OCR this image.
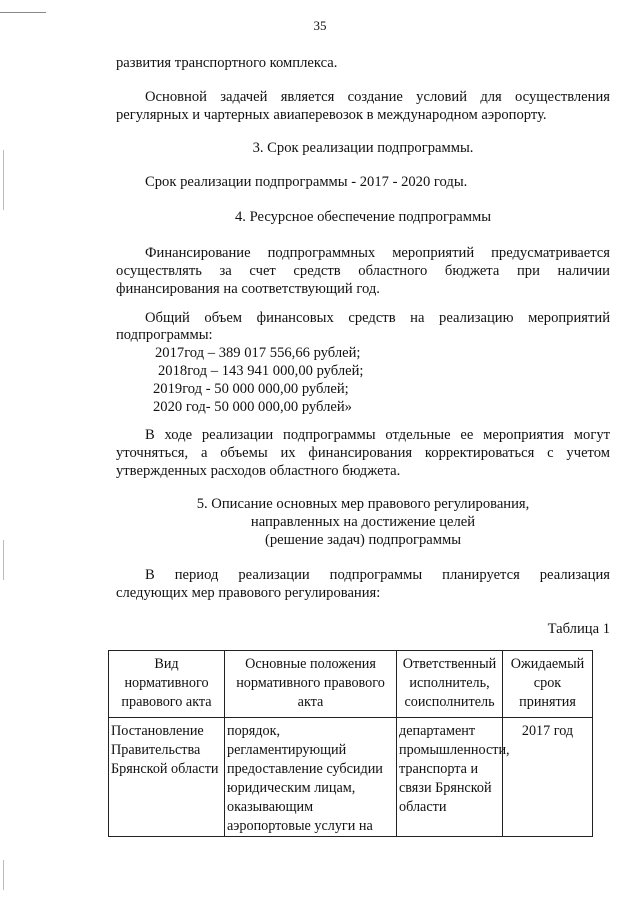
35
развития транспортного комплекса.
Основной задачей является создание условий для осуществления
регулярных и чартерных авиаперевозок в международном аэропорту.
3. Срок реализации подпрограммы.
Срок реализации подпрограммы - 2017 - 2020 годы.
4. Ресурсное обеспечение подпрограммы
Финансирование подпрограммных мероприятий предусматривается
осуществлять за счет средств областного бюджета при наличии
финансирования на соответствующий год.
Общий объем финансовых средств на реализацию мероприятий
подпрограммы:
2017год – 389 017 556,66 рублей;
2018год – 143 941 000,00 рублей;
2019год - 50 000 000,00 рублей;
2020 год- 50 000 000,00 рублей»
В ходе реализации подпрограммы отдельные ее мероприятия могут
уточняться, а объемы их финансирования корректироваться с учетом
утвержденных расходов областного бюджета.
5. Описание основных мер правового регулирования,
направленных на достижение целей
(решение задач) подпрограммы
В период реализации подпрограммы планируется реализация
следующих мер правового регулирования:
Таблица 1
Вид нормативного правового акта	Основные положения нормативного правового акта	Ответственный исполнитель, соисполнитель	Ожидаемый срок принятия
Постановление Правительства Брянской области	порядок, регламентирующий предоставление субсидии юридическим лицам, оказывающим аэропортовые услуги на	департамент промышленности, транспорта и связи Брянской области	2017 год
